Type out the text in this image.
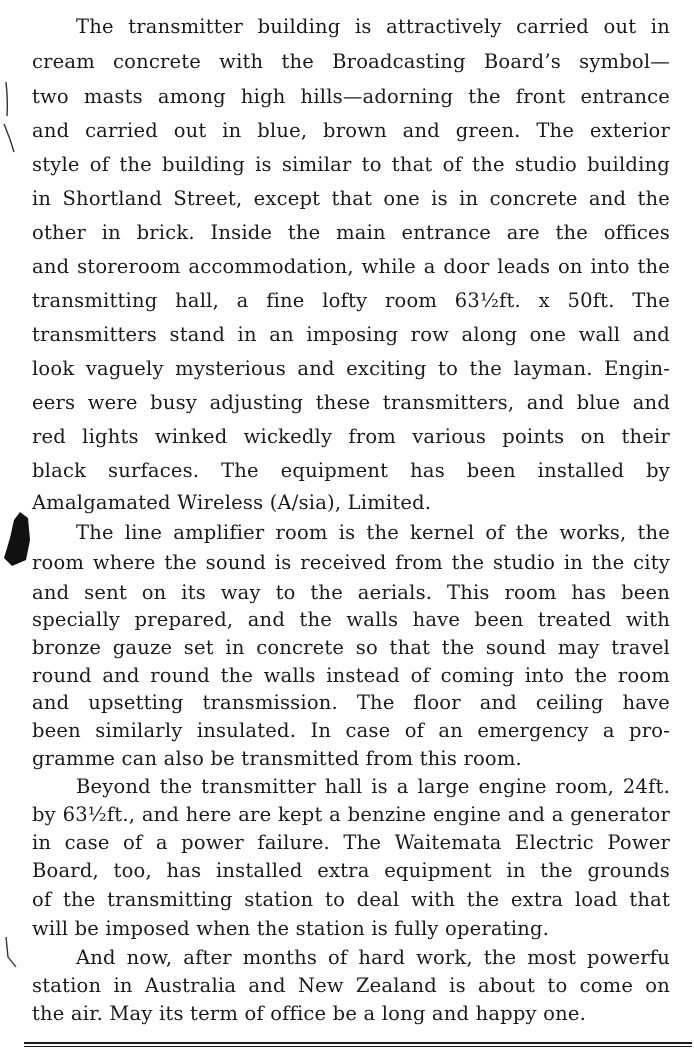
The transmitter building is attractively carried out in
cream concrete with the Broadcasting Board’s symbol—
two masts among high hills—adorning the front entrance
and carried out in blue, brown and green. The exterior
style of the building is similar to that of the studio building
in Shortland Street, except that one is in concrete and the
other in brick. Inside the main entrance are the offices
and storeroom accommodation, while a door leads on into the
transmitting hall, a fine lofty room 63½ft. x 50ft. The
transmitters stand in an imposing row along one wall and
look vaguely mysterious and exciting to the layman. Engin-
eers were busy adjusting these transmitters, and blue and
red lights winked wickedly from various points on their
black surfaces. The equipment has been installed by
Amalgamated Wireless (A/sia), Limited.
The line amplifier room is the kernel of the works, the
room where the sound is received from the studio in the city
and sent on its way to the aerials. This room has been
specially prepared, and the walls have been treated with
bronze gauze set in concrete so that the sound may travel
round and round the walls instead of coming into the room
and upsetting transmission. The floor and ceiling have
been similarly insulated. In case of an emergency a pro-
gramme can also be transmitted from this room.
Beyond the transmitter hall is a large engine room, 24ft.
by 63½ft., and here are kept a benzine engine and a generator
in case of a power failure. The Waitemata Electric Power
Board, too, has installed extra equipment in the grounds
of the transmitting station to deal with the extra load that
will be imposed when the station is fully operating.
And now, after months of hard work, the most powerfu
station in Australia and New Zealand is about to come on
the air. May its term of office be a long and happy one.
